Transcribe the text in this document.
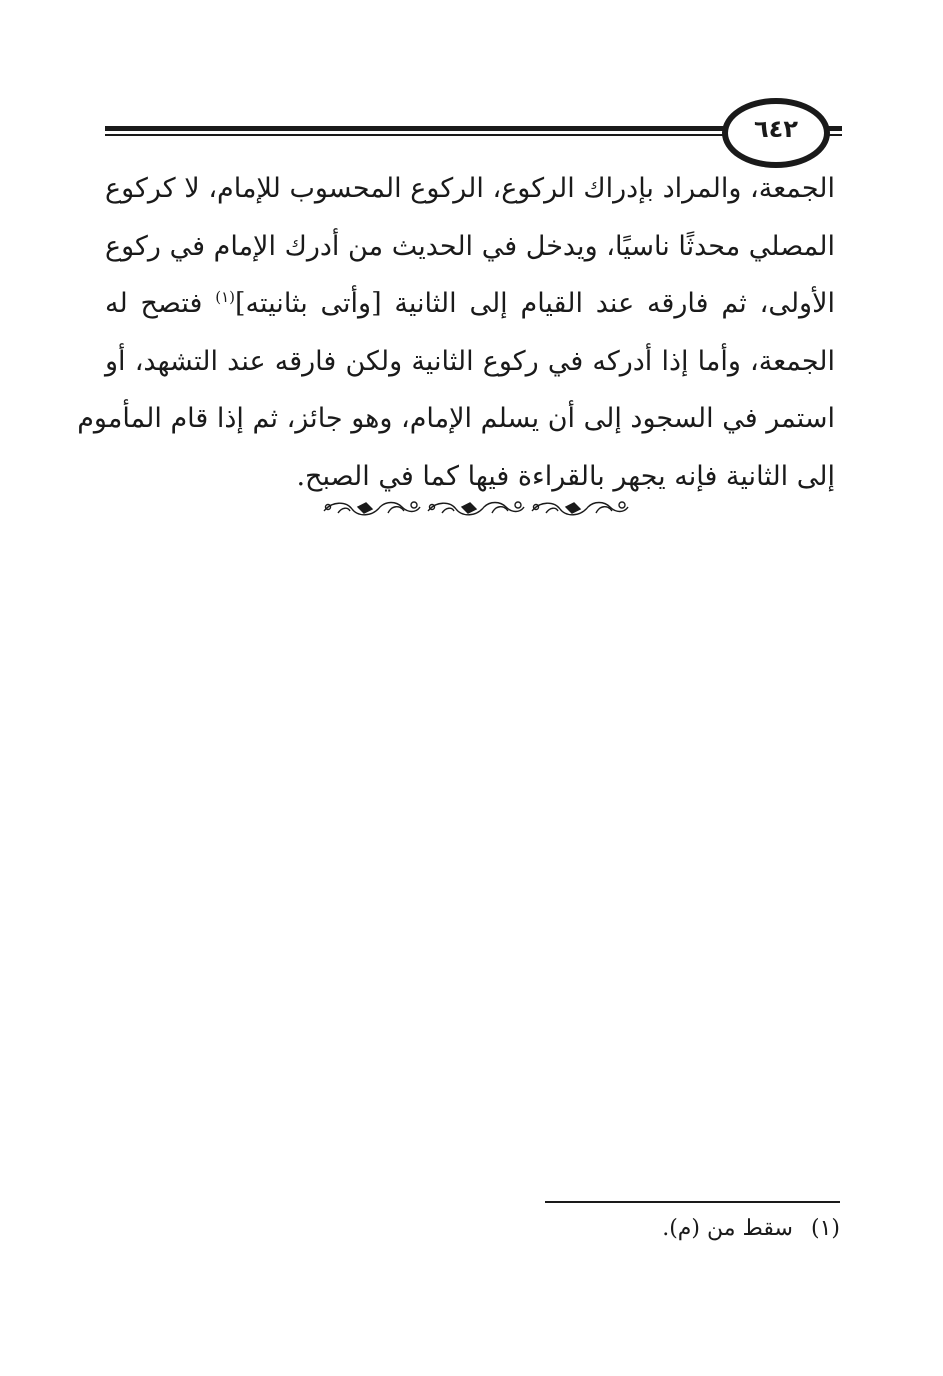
٦٤٢
الجمعة، والمراد بإدراك الركوع، الركوع المحسوب للإمام، لا كركوع
المصلي محدثًا ناسيًا، ويدخل في الحديث من أدرك الإمام في ركوع
الأولى، ثم فارقه عند القيام إلى الثانية [وأتى بثانيته]$^{(١)}$ فتصح له
الجمعة، وأما إذا أدركه في ركوع الثانية ولكن فارقه عند التشهد، أو
استمر في السجود إلى أن يسلم الإمام، وهو جائز، ثم إذا قام المأموم
إلى الثانية فإنه يجهر بالقراءة فيها كما في الصبح.
(١)سقط من (م).
